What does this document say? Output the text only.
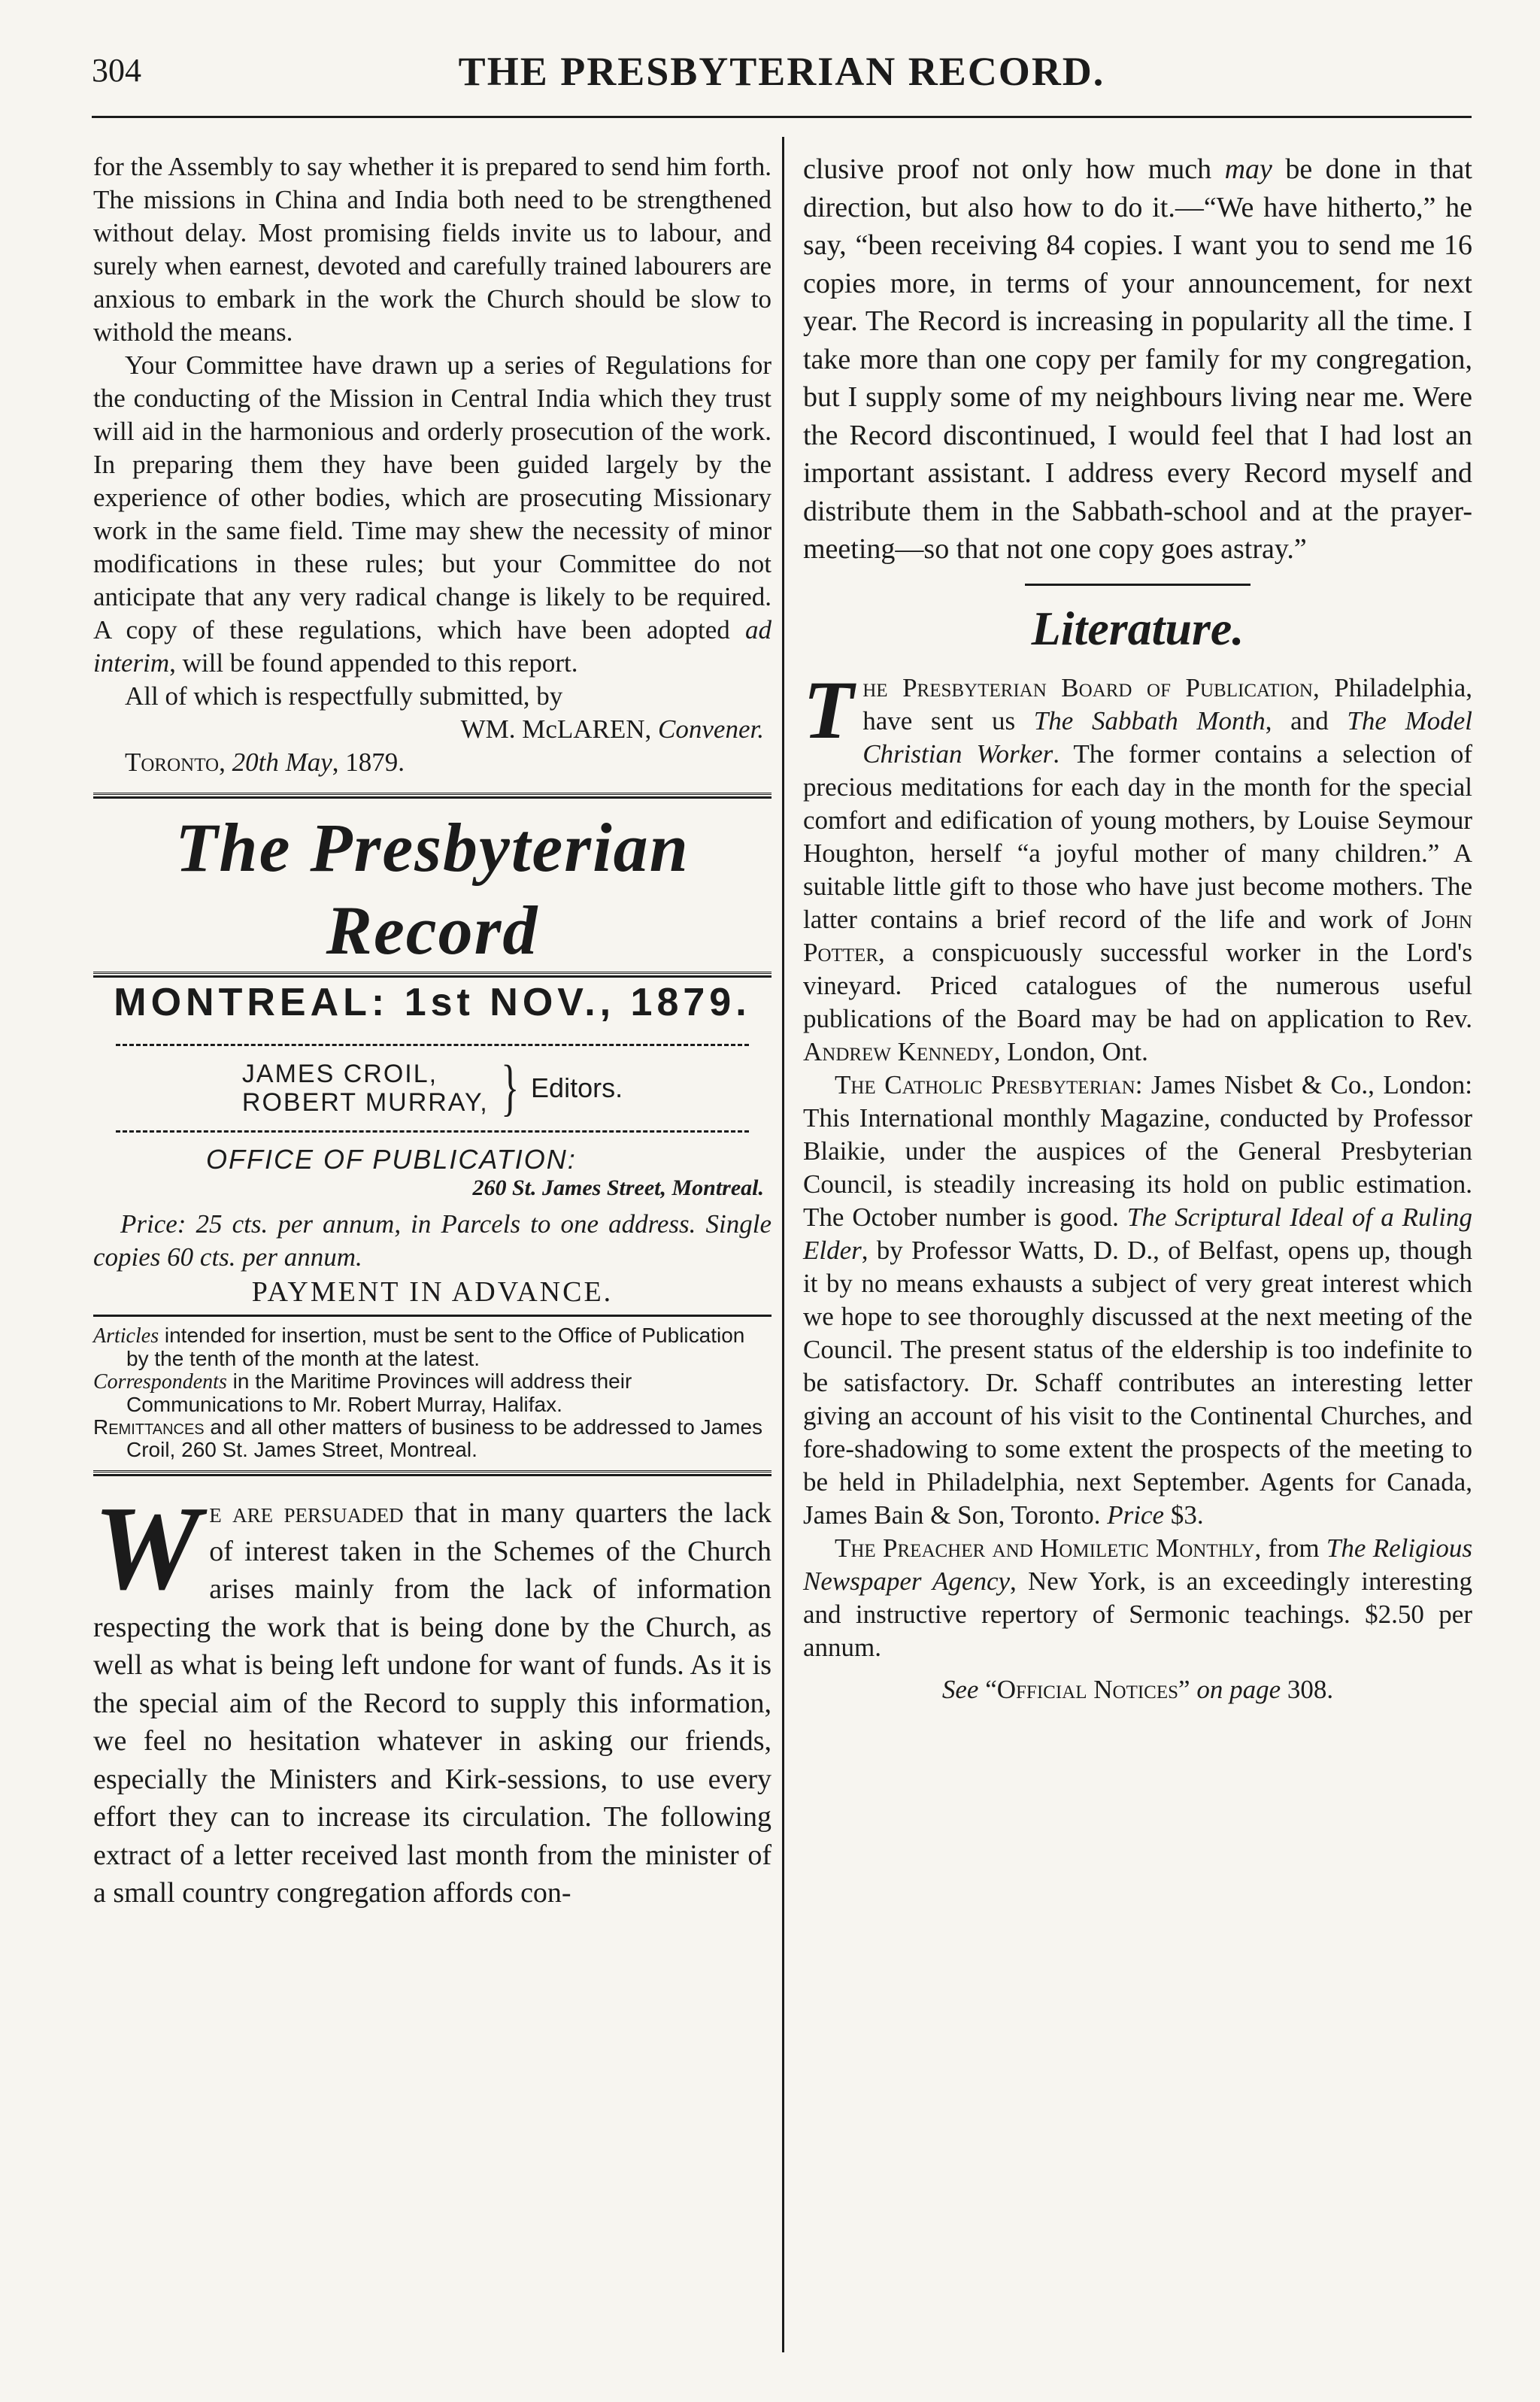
304	THE PRESBYTERIAN RECORD.

for the Assembly to say whether it is prepared to send him forth. The missions in China and India both need to be strengthened without delay. Most promising fields invite us to labour, and surely when earnest, devoted and carefully trained labourers are anxious to embark in the work the Church should be slow to withold the means.

Your Committee have drawn up a series of Regulations for the conducting of the Mission in Central India which they trust will aid in the harmonious and orderly prosecution of the work. In preparing them they have been guided largely by the experience of other bodies, which are prosecuting Missionary work in the same field. Time may shew the necessity of minor modifications in these rules; but your Committee do not anticipate that any very radical change is likely to be required. A copy of these regulations, which have been adopted ad interim, will be found appended to this report.

All of which is respectfully submitted, by

WM. McLAREN, Convener.

Toronto, 20th May, 1879.

The Presbyterian Record
MONTREAL: 1st NOV., 1879.
JAMES CROIL,
ROBERT MURRAY, } Editors.
OFFICE OF PUBLICATION:
260 St. James Street, Montreal.

Price: 25 cts. per annum, in Parcels to one address. Single copies 60 cts. per annum.

PAYMENT IN ADVANCE.

Articles intended for insertion, must be sent to the Office of Publication by the tenth of the month at the latest.

Correspondents in the Maritime Provinces will address their Communications to Mr. Robert Murray, Halifax.

Remittances and all other matters of business to be addressed to James Croil, 260 St. James Street, Montreal.

We are persuaded that in many quarters the lack of interest taken in the Schemes of the Church arises mainly from the lack of information respecting the work that is being done by the Church, as well as what is being left undone for want of funds. As it is the special aim of the Record to supply this information, we feel no hesitation whatever in asking our friends, especially the Ministers and Kirk-sessions, to use every effort they can to increase its circulation. The following extract of a letter received last month from the minister of a small country congregation affords con-

clusive proof not only how much may be done in that direction, but also how to do it.—“We have hitherto,” he say, “been receiving 84 copies. I want you to send me 16 copies more, in terms of your announcement, for next year. The Record is increasing in popularity all the time. I take more than one copy per family for my congregation, but I supply some of my neighbours living near me. Were the Record discontinued, I would feel that I had lost an important assistant. I address every Record myself and distribute them in the Sabbath-school and at the prayer-meeting—so that not one copy goes astray.”

Literature.

The Presbyterian Board of Publication, Philadelphia, have sent us The Sabbath Month, and The Model Christian Worker. The former contains a selection of precious meditations for each day in the month for the special comfort and edification of young mothers, by Louise Seymour Houghton, herself “a joyful mother of many children.” A suitable little gift to those who have just become mothers. The latter contains a brief record of the life and work of John Potter, a conspicuously successful worker in the Lord's vineyard. Priced catalogues of the numerous useful publications of the Board may be had on application to Rev. Andrew Kennedy, London, Ont.

The Catholic Presbyterian: James Nisbet & Co., London: This International monthly Magazine, conducted by Professor Blaikie, under the auspices of the General Presbyterian Council, is steadily increasing its hold on public estimation. The October number is good. The Scriptural Ideal of a Ruling Elder, by Professor Watts, D. D., of Belfast, opens up, though it by no means exhausts a subject of very great interest which we hope to see thoroughly discussed at the next meeting of the Council. The present status of the eldership is too indefinite to be satisfactory. Dr. Schaff contributes an interesting letter giving an account of his visit to the Continental Churches, and fore-shadowing to some extent the prospects of the meeting to be held in Philadelphia, next September. Agents for Canada, James Bain & Son, Toronto. Price $3.

The Preacher and Homiletic Monthly, from The Religious Newspaper Agency, New York, is an exceedingly interesting and instructive repertory of Sermonic teachings. $2.50 per annum.

See “Official Notices” on page 308.
